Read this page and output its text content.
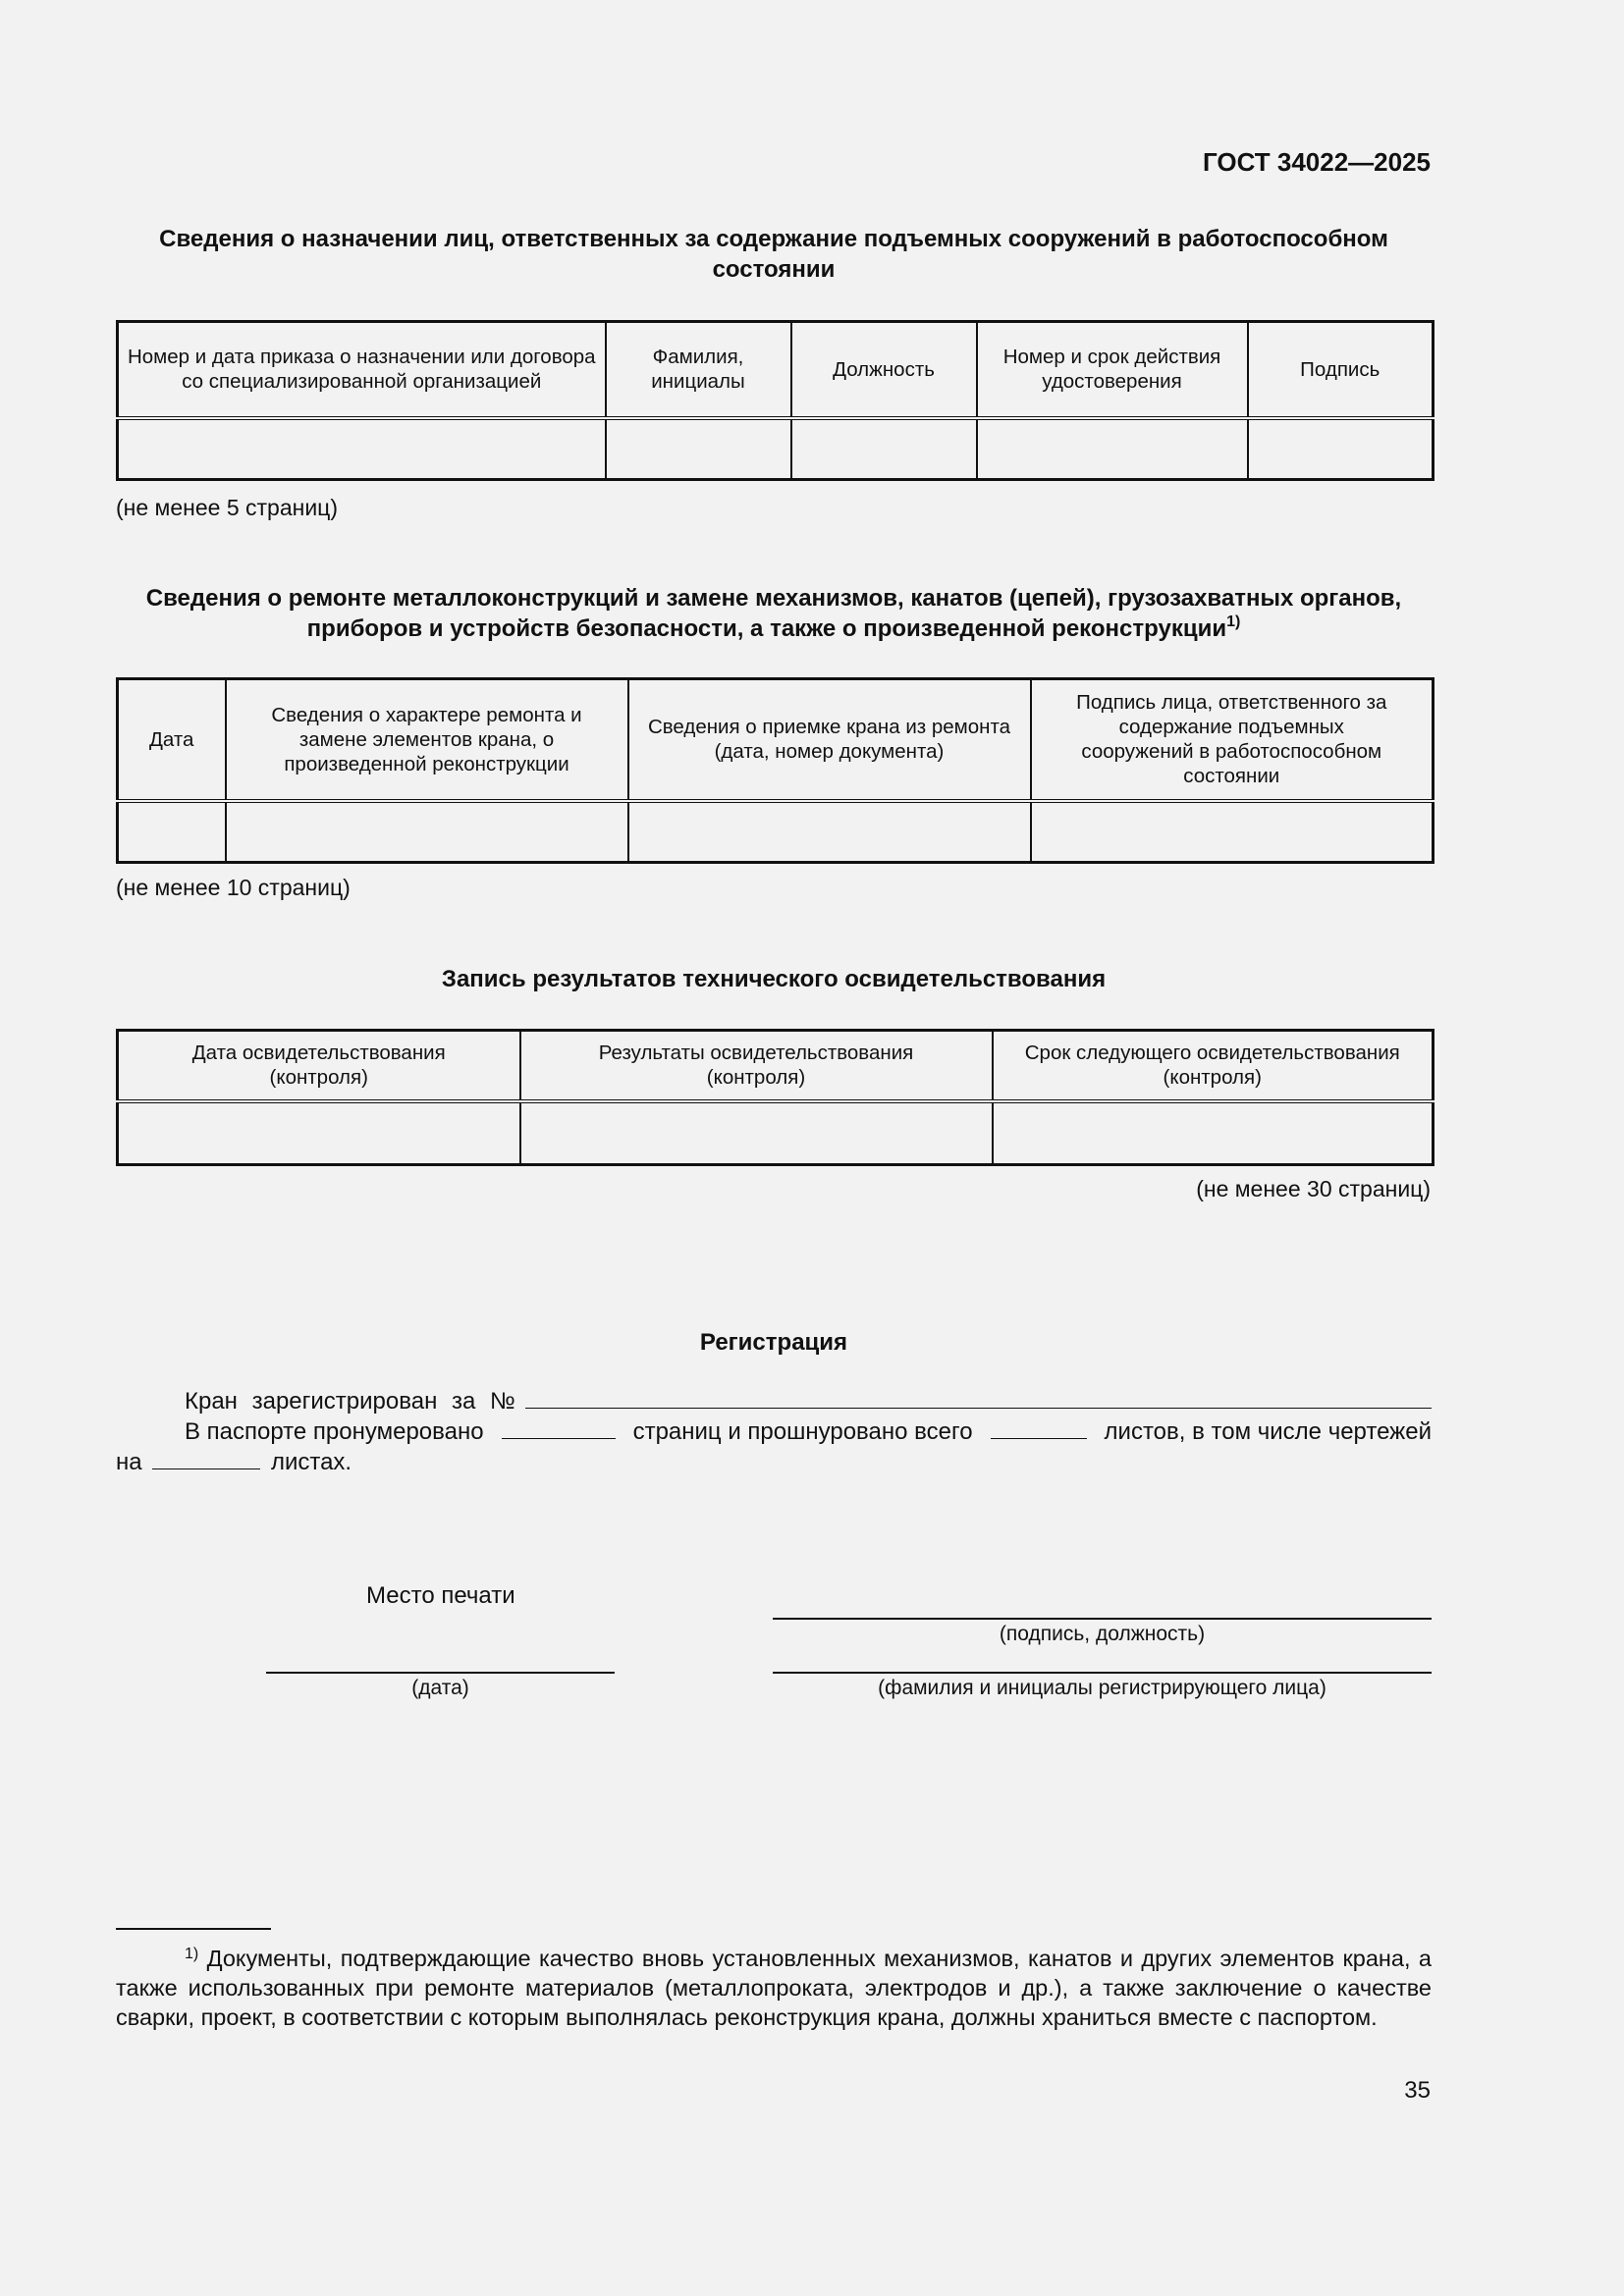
ГОСТ 34022—2025
Сведения о назначении лиц, ответственных за содержание подъемных сооружений в работоспособном состоянии
Номер и дата приказа о назначении или договора со специализированной организацией	Фамилия, инициалы	Должность	Номер и срок действия удостоверения	Подпись

(не менее 5 страниц)
Сведения о ремонте металлоконструкций и замене механизмов, канатов (цепей), грузозахватных органов, приборов и устройств безопасности, а также о произведенной реконструкции$^{1)}$
Дата	Сведения о характере ремонта и замене элементов крана, о произведенной реконструкции	Сведения о приемке крана из ремонта (дата, номер документа)	Подпись лица, ответственного за содержание подъемных сооружений в работоспособном состоянии

(не менее 10 страниц)
Запись результатов технического освидетельствования
Дата освидетельствования (контроля)	Результаты освидетельствования (контроля)	Срок следующего освидетельствования (контроля)

(не менее 30 страниц)
Регистрация
Кран зарегистрирован за №
В паспорте пронумеровано	страниц и прошнуровано всего	листов, в том числе чертежей
на	листах.
Место печати
(подпись, должность)
(дата)	(фамилия и инициалы регистрирующего лица)
$^{1)}$ Документы, подтверждающие качество вновь установленных механизмов, канатов и других элементов крана, а также использованных при ремонте материалов (металлопроката, электродов и др.), а также заключение о качестве сварки, проект, в соответствии с которым выполнялась реконструкция крана, должны храниться вместе с паспортом.
35
